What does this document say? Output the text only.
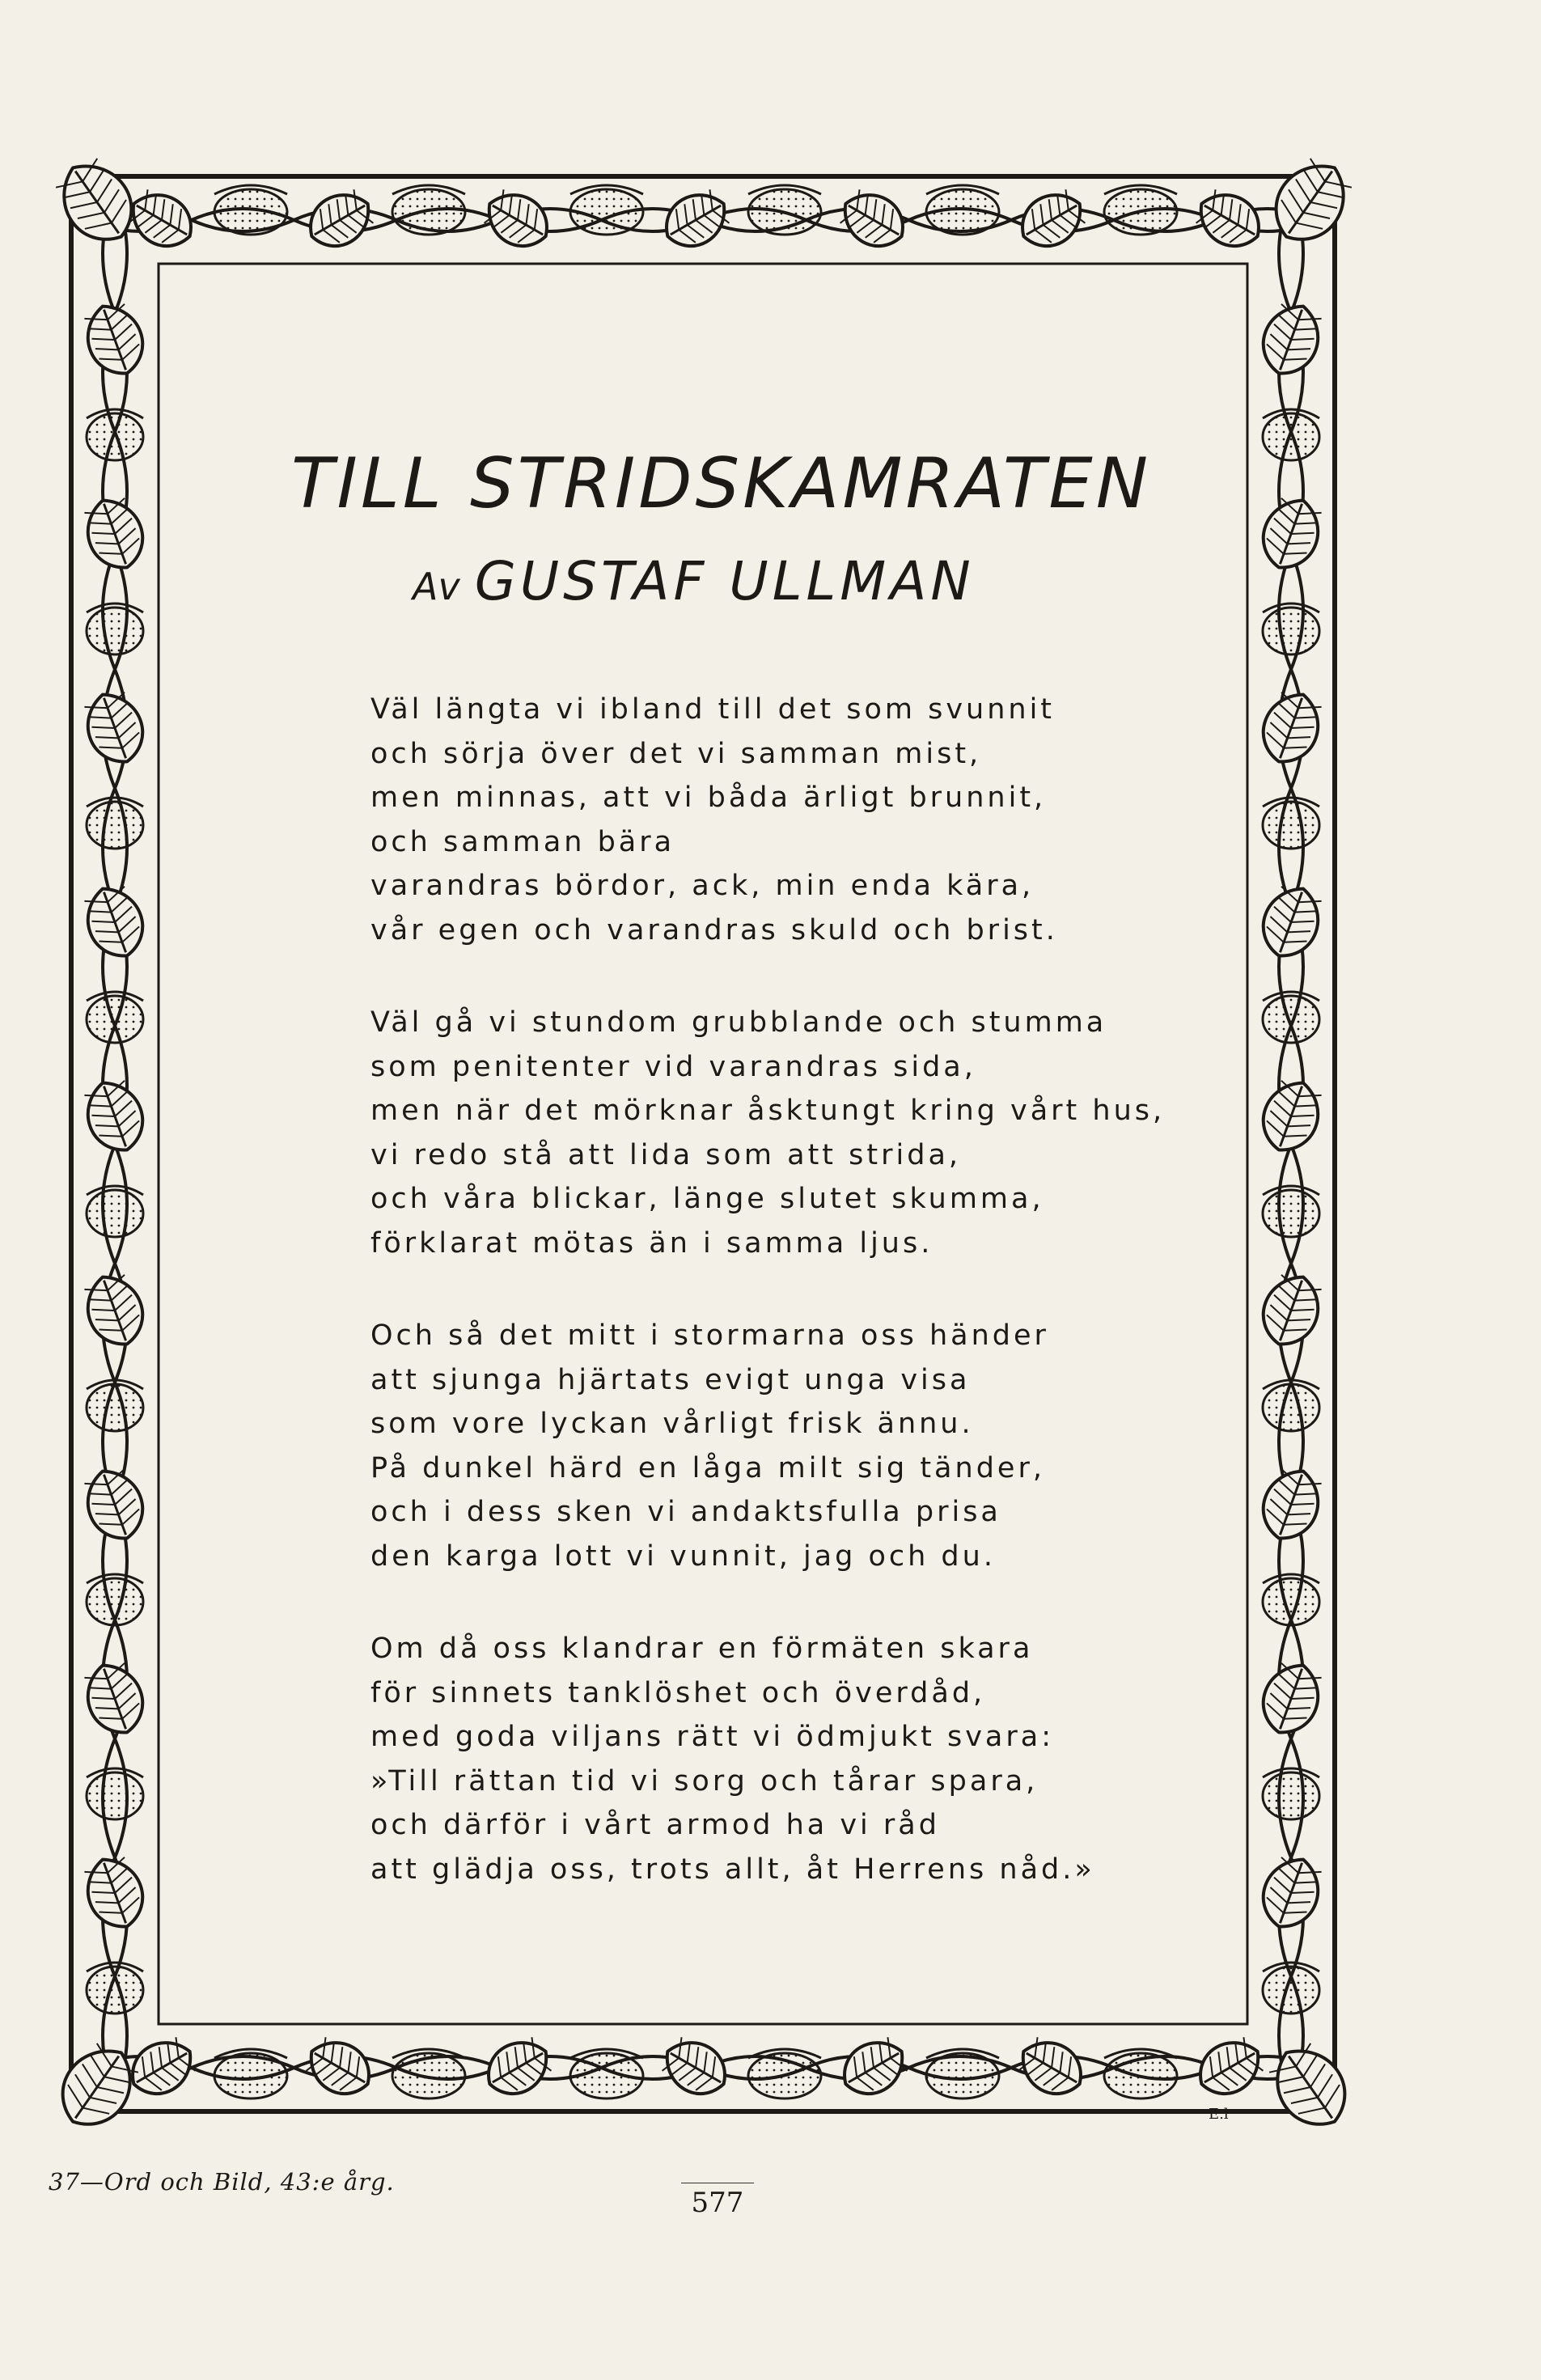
TILL STRIDSKAMRATEN
Av GUSTAF ULLMAN

Väl längta vi ibland till det som svunnit
och sörja över det vi samman mist,
men minnas, att vi båda ärligt brunnit,
och samman bära
varandras bördor, ack, min enda kära,
vår egen och varandras skuld och brist.

Väl gå vi stundom grubblande och stumma
som penitenter vid varandras sida,
men när det mörknar åsktungt kring vårt hus,
vi redo stå att lida som att strida,
och våra blickar, länge slutet skumma,
förklarat mötas än i samma ljus.

Och så det mitt i stormarna oss händer
att sjunga hjärtats evigt unga visa
som vore lyckan vårligt frisk ännu.
På dunkel härd en låga milt sig tänder,
och i dess sken vi andaktsfulla prisa
den karga lott vi vunnit, jag och du.

Om då oss klandrar en förmäten skara
för sinnets tanklöshet och överdåd,
med goda viljans rätt vi ödmjukt svara:
»Till rättan tid vi sorg och tårar spara,
och därför i vårt armod ha vi råd
att glädja oss, trots allt, åt Herrens nåd.»

E.l
37—Ord och Bild, 43:e årg.
577
